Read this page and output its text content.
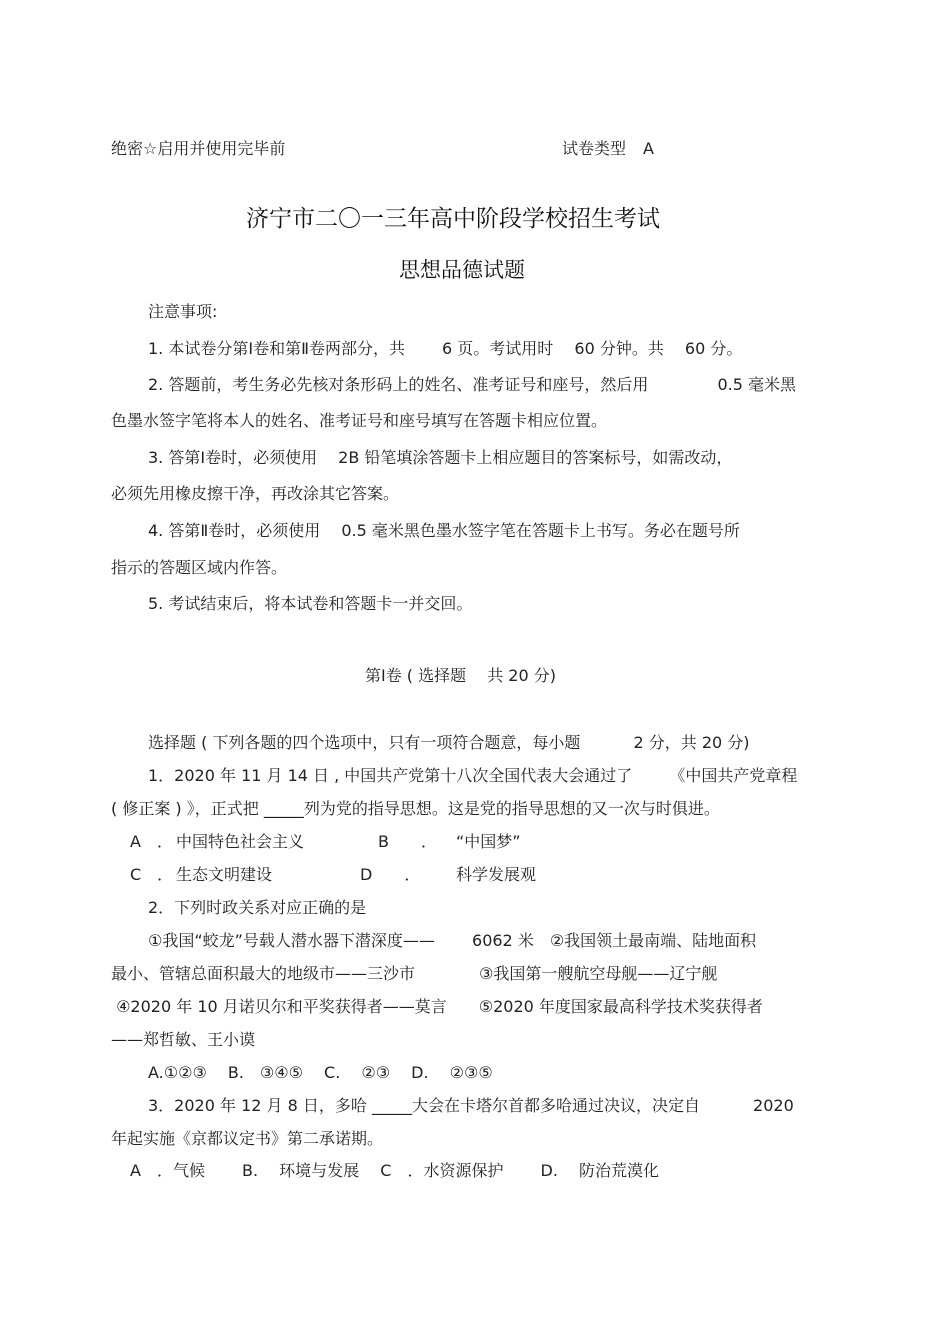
绝密☆启用并使用完毕前	试卷类型 A
济宁市二〇一三年高中阶段学校招生考试
思想品德试题
注意事项:
1. 本试卷分第Ⅰ卷和第Ⅱ卷两部分，共　　 6 页。考试用时　 60 分钟。共　 60 分。
2. 答题前，考生务必先核对条形码上的姓名、准考证号和座号，然后用　　　　 0.5 毫米黑
色墨水签字笔将本人的姓名、准考证号和座号填写在答题卡相应位置。
3. 答第Ⅰ卷时，必须使用　 2B 铅笔填涂答题卡上相应题目的答案标号，如需改动，
必须先用橡皮擦干净，再改涂其它答案。
4. 答第Ⅱ卷时，必须使用　 0.5 毫米黑色墨水签字笔在答题卡上书写。务必在题号所
指示的答题区域内作答。
5. 考试结束后，将本试卷和答题卡一并交回。
第Ⅰ卷 ( 选择题　 共 20 分)
选择题 ( 下列各题的四个选项中，只有一项符合题意，每小题　　　 2 分，共 20 分)
1．2020 年 11 月 14 日 , 中国共产党第十八次全国代表大会通过了　　 《中国共产党章程
( 修正案 ) 》，正式把 _____列为党的指导思想。这是党的指导思想的又一次与时俱进。
A　． 中国特色社会主义	B　　． “中国梦”
C　． 生态文明建设	D　　． 科学发展观
2．下列时政关系对应正确的是
①我国“蛟龙”号载人潜水器下潜深度——　　 6062 米　②我国领土最南端、陆地面积
最小、管辖总面积最大的地级市——三沙市　　　　③我国第一艘航空母舰——辽宁舰
④2020 年 10 月诺贝尔和平奖获得者——莫言　　⑤2020 年度国家最高科学技术奖获得者
——郑哲敏、王小谟
A.①②③　 B.　③④⑤　 C.　 ②③　 D.　 ②③⑤
3．2020 年 12 月 8 日，多哈 _____大会在卡塔尔首都多哈通过决议，决定自　　　 2020
年起实施《京都议定书》第二承诺期。
A　．气候　　 B.　 环境与发展　 C　．水资源保护　　 D.　 防治荒漠化
